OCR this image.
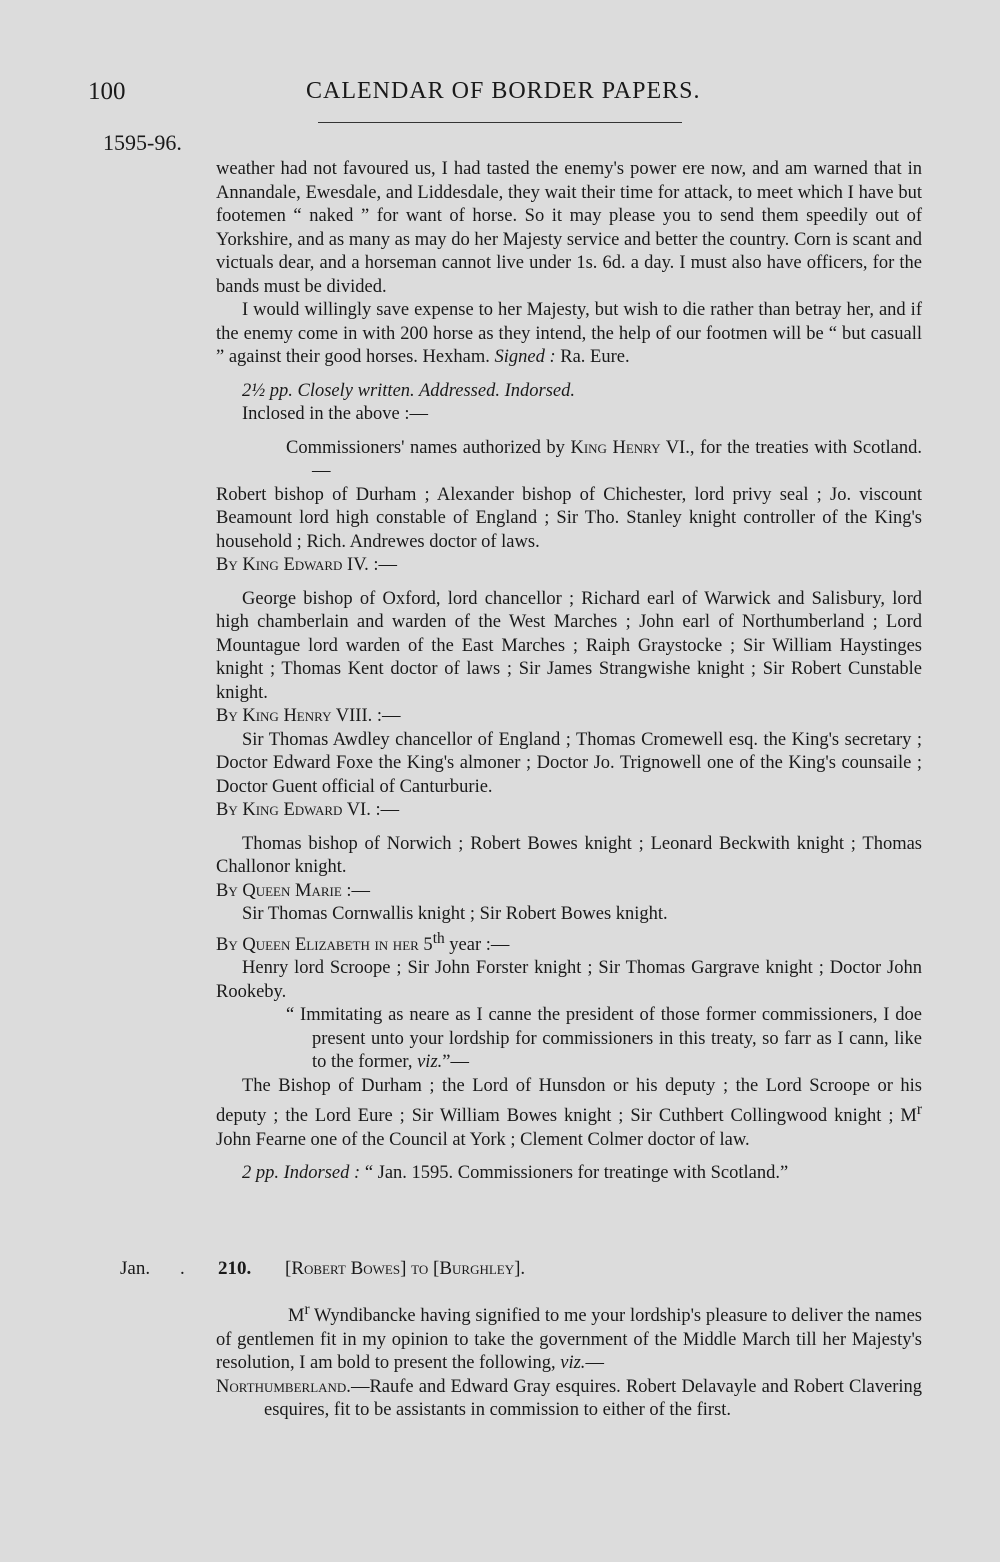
100	CALENDAR OF BORDER PAPERS.
1595-96.

weather had not favoured us, I had tasted the enemy's power ere now, and am warned that in Annandale, Ewesdale, and Liddesdale, they wait their time for attack, to meet which I have but footemen “ naked ” for want of horse. So it may please you to send them speedily out of Yorkshire, and as many as may do her Majesty service and better the country. Corn is scant and victuals dear, and a horseman cannot live under 1s. 6d. a day. I must also have officers, for the bands must be divided.

I would willingly save expense to her Majesty, but wish to die rather than betray her, and if the enemy come in with 200 horse as they intend, the help of our footmen will be “ but casuall ” against their good horses. Hexham. Signed : Ra. Eure.

2½ pp. Closely written. Addressed. Indorsed.

Inclosed in the above :—

Commissioners' names authorized by King Henry VI., for the treaties with Scotland.—

Robert bishop of Durham ; Alexander bishop of Chichester, lord privy seal ; Jo. viscount Beamount lord high constable of England ; Sir Tho. Stanley knight controller of the King's household ; Rich. Andrewes doctor of laws.

By King Edward IV. :—

George bishop of Oxford, lord chancellor ; Richard earl of Warwick and Salisbury, lord high chamberlain and warden of the West Marches ; John earl of Northumberland ; Lord Mountague lord warden of the East Marches ; Raiph Graystocke ; Sir William Haystinges knight ; Thomas Kent doctor of laws ; Sir James Strangwishe knight ; Sir Robert Cunstable knight.

By King Henry VIII. :—

Sir Thomas Awdley chancellor of England ; Thomas Cromewell esq. the King's secretary ; Doctor Edward Foxe the King's almoner ; Doctor Jo. Trignowell one of the King's counsaile ; Doctor Guent official of Canturburie.

By King Edward VI. :—

Thomas bishop of Norwich ; Robert Bowes knight ; Leonard Beckwith knight ; Thomas Challonor knight.

By Queen Marie :—

Sir Thomas Cornwallis knight ; Sir Robert Bowes knight.

By Queen Elizabeth in her 5th year :—

Henry lord Scroope ; Sir John Forster knight ; Sir Thomas Gargrave knight ; Doctor John Rookeby.

“ Immitating as neare as I canne the president of those former commissioners, I doe present unto your lordship for commissioners in this treaty, so farr as I cann, like to the former, viz.”—

The Bishop of Durham ; the Lord of Hunsdon or his deputy ; the Lord Scroope or his deputy ; the Lord Eure ; Sir William Bowes knight ; Sir Cuthbert Collingwood knight ; $M^r$ John Fearne one of the Council at York ; Clement Colmer doctor of law.

2 pp. Indorsed : “ Jan. 1595. Commissioners for treatinge with Scotland.”

Jan. . 210. [Robert Bowes] to [Burghley].

$M^r$ Wyndibancke having signified to me your lordship's pleasure to deliver the names of gentlemen fit in my opinion to take the government of the Middle March till her Majesty's resolution, I am bold to present the following, viz.—

Northumberland.—Raufe and Edward Gray esquires. Robert Delavayle and Robert Clavering esquires, fit to be assistants in commission to either of the first.
